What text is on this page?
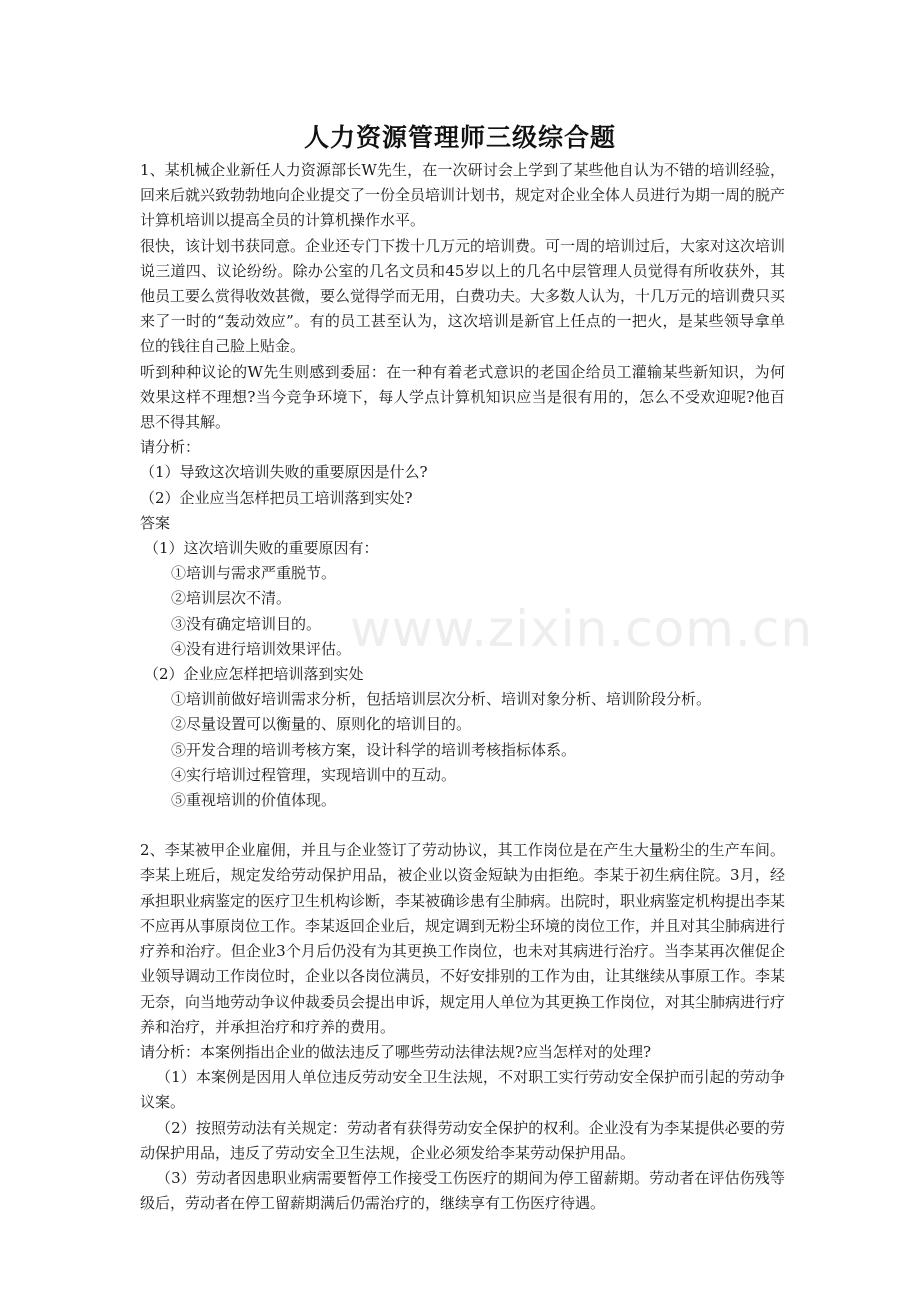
www.zixin.com.cn
人力资源管理师三级综合题

1、某机械企业新任人力资源部长W先生，在一次研讨会上学到了某些他自认为不错的培训经验，回来后就兴致勃勃地向企业提交了一份全员培训计划书，规定对企业全体人员进行为期一周的脱产计算机培训以提高全员的计算机操作水平。

很快，该计划书获同意。企业还专门下拨十几万元的培训费。可一周的培训过后，大家对这次培训说三道四、议论纷纷。除办公室的几名文员和45岁以上的几名中层管理人员觉得有所收获外，其他员工要么赏得收效甚微，要么觉得学而无用，白费功夫。大多数人认为，十几万元的培训费只买来了一时的“轰动效应”。有的员工甚至认为，这次培训是新官上任点的一把火，是某些领导拿单位的钱往自己脸上贴金。

听到种种议论的W先生则感到委屈：在一种有着老式意识的老国企给员工灌输某些新知识，为何效果这样不理想?当今竞争环境下，每人学点计算机知识应当是很有用的，怎么不受欢迎呢?他百思不得其解。

请分析：

（1）导致这次培训失败的重要原因是什么?

（2）企业应当怎样把员工培训落到实处?

答案

（1）这次培训失败的重要原因有：

①培训与需求严重脱节。

②培训层次不清。

③没有确定培训目的。

④没有进行培训效果评估。

（2）企业应怎样把培训落到实处

①培训前做好培训需求分析，包括培训层次分析、培训对象分析、培训阶段分析。

②尽量设置可以衡量的、原则化的培训目的。

⑤开发合理的培训考核方案，设计科学的培训考核指标体系。

④实行培训过程管理，实现培训中的互动。

⑤重视培训的价值体现。

2、李某被甲企业雇佣，并且与企业签订了劳动协议，其工作岗位是在产生大量粉尘的生产车间。李某上班后，规定发给劳动保护用品，被企业以资金短缺为由拒绝。李某于初生病住院。3月，经承担职业病鉴定的医疗卫生机构诊断，李某被确诊患有尘肺病。出院时，职业病鉴定机构提出李某不应再从事原岗位工作。李某返回企业后，规定调到无粉尘环境的岗位工作，并且对其尘肺病进行疗养和治疗。但企业3个月后仍没有为其更换工作岗位，也未对其病进行治疗。当李某再次催促企业领导调动工作岗位时，企业以各岗位满员，不好安排别的工作为由，让其继续从事原工作。李某无奈，向当地劳动争议仲裁委员会提出申诉，规定用人单位为其更换工作岗位，对其尘肺病进行疗养和治疗，并承担治疗和疗养的费用。

请分析：本案例指出企业的做法违反了哪些劳动法律法规?应当怎样对的处理?

（1）本案例是因用人单位违反劳动安全卫生法规，不对职工实行劳动安全保护而引起的劳动争议案。

（2）按照劳动法有关规定：劳动者有获得劳动安全保护的权利。企业没有为李某提供必要的劳动保护用品，违反了劳动安全卫生法规，企业必须发给李某劳动保护用品。

（3）劳动者因患职业病需要暂停工作接受工伤医疗的期间为停工留薪期。劳动者在评估伤残等级后，劳动者在停工留薪期满后仍需治疗的，继续享有工伤医疗待遇。
